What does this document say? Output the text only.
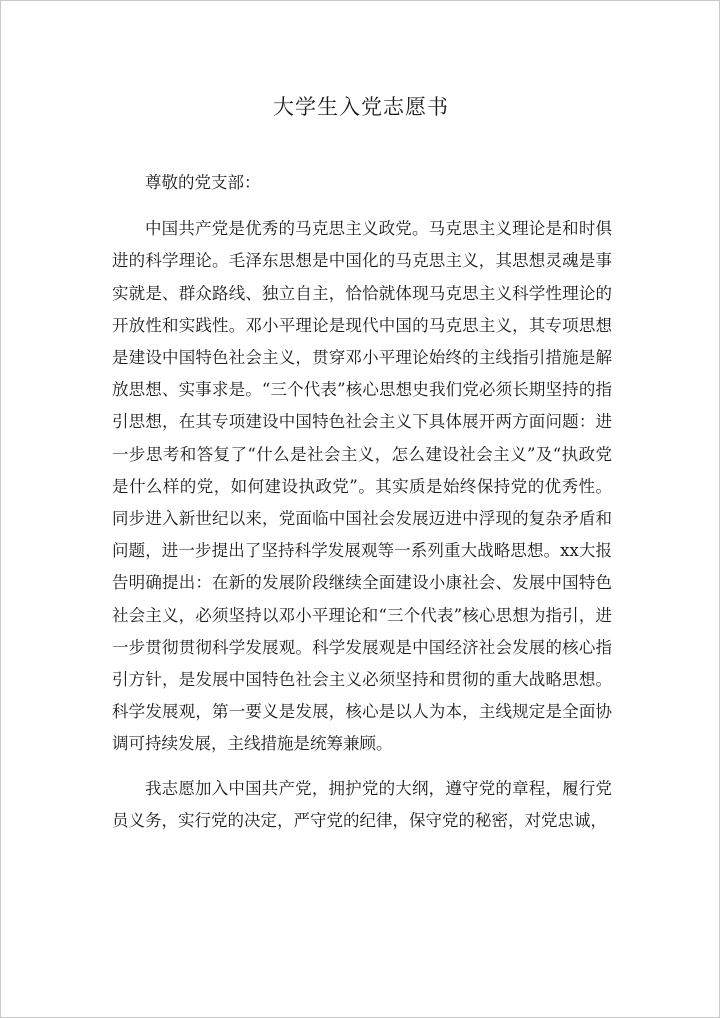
大学生入党志愿书

尊敬的党支部：

中国共产党是优秀的马克思主义政党。马克思主义理论是和时俱进的科学理论。毛泽东思想是中国化的马克思主义，其思想灵魂是事实就是、群众路线、独立自主，恰恰就体现马克思主义科学性理论的开放性和实践性。邓小平理论是现代中国的马克思主义，其专项思想是建设中国特色社会主义，贯穿邓小平理论始终的主线指引措施是解放思想、实事求是。“三个代表”核心思想史我们党必须长期坚持的指引思想，在其专项建设中国特色社会主义下具体展开两方面问题：进一步思考和答复了“什么是社会主义，怎么建设社会主义”及“执政党是什么样的党，如何建设执政党”。其实质是始终保持党的优秀性。同步进入新世纪以来，党面临中国社会发展迈进中浮现的复杂矛盾和问题，进一步提出了坚持科学发展观等一系列重大战略思想。xx大报告明确提出：在新的发展阶段继续全面建设小康社会、发展中国特色社会主义，必须坚持以邓小平理论和“三个代表”核心思想为指引，进一步贯彻贯彻科学发展观。科学发展观是中国经济社会发展的核心指引方针，是发展中国特色社会主义必须坚持和贯彻的重大战略思想。科学发展观，第一要义是发展，核心是以人为本，主线规定是全面协调可持续发展，主线措施是统筹兼顾。

我志愿加入中国共产党，拥护党的大纲，遵守党的章程，履行党员义务，实行党的决定，严守党的纪律，保守党的秘密，对党忠诚，
